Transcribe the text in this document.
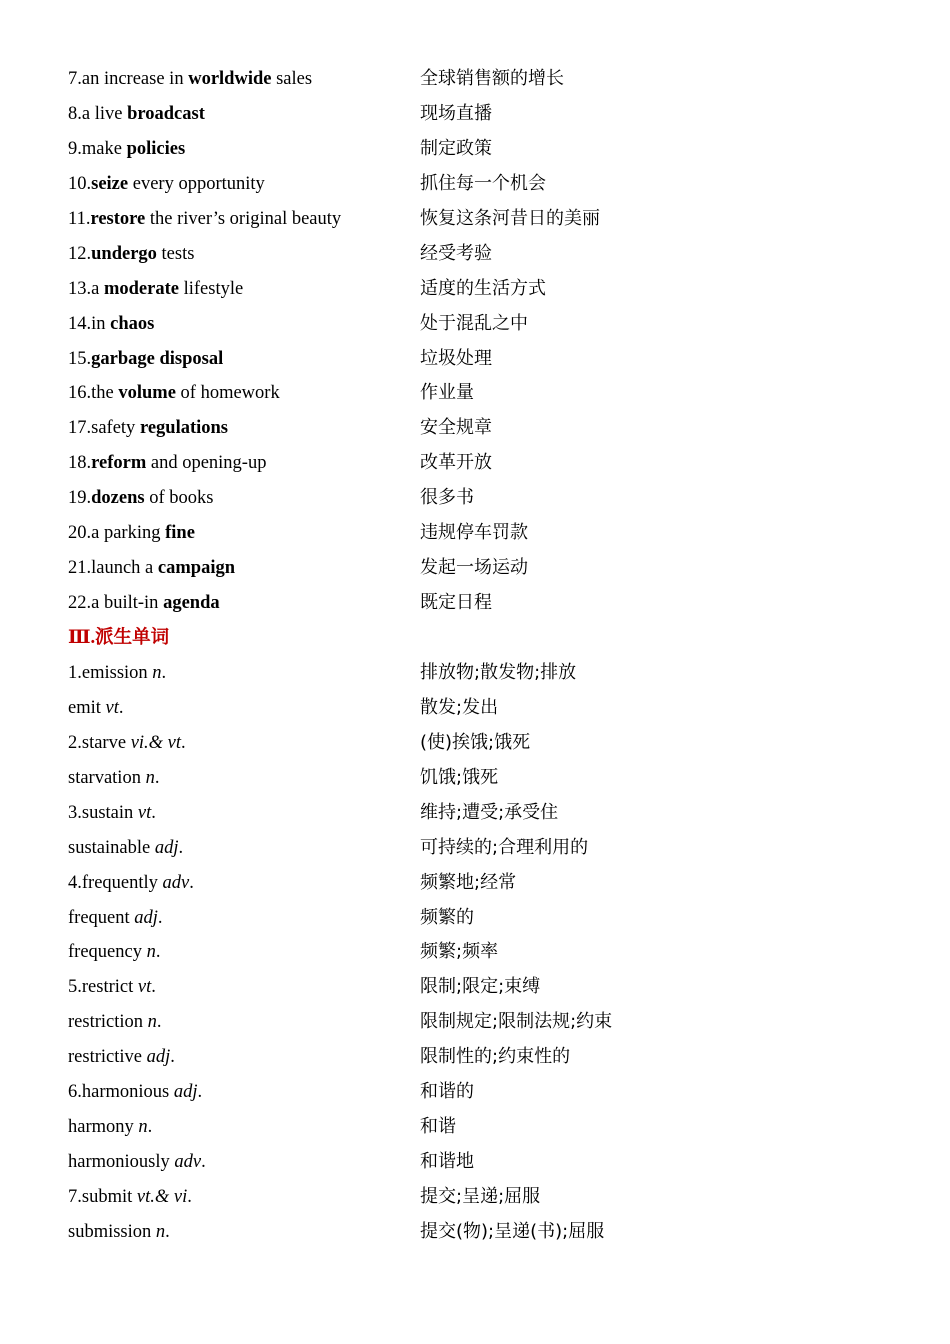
7.an increase in worldwide sales	全球销售额的增长
8.a live broadcast	现场直播
9.make policies	制定政策
10.seize every opportunity	抓住每一个机会
11.restore the river’s original beauty	恢复这条河昔日的美丽
12.undergo tests	经受考验
13.a moderate lifestyle	适度的生活方式
14.in chaos	处于混乱之中
15.garbage disposal	垃圾处理
16.the volume of homework	作业量
17.safety regulations	安全规章
18.reform and opening-up	改革开放
19.dozens of books	很多书
20.a parking fine	违规停车罚款
21.launch a campaign	发起一场运动
22.a built-in agenda	既定日程
Ⅲ.派生单词
1.emission n.	排放物;散发物;排放
emit vt.	散发;发出
2.starve vi.& vt.	(使)挨饿;饿死
starvation n.	饥饿;饿死
3.sustain vt.	维持;遭受;承受住
sustainable adj.	可持续的;合理利用的
4.frequently adv.	频繁地;经常
frequent adj.	频繁的
frequency n.	频繁;频率
5.restrict vt.	限制;限定;束缚
restriction n.	限制规定;限制法规;约束
restrictive adj.	限制性的;约束性的
6.harmonious adj.	和谐的
harmony n.	和谐
harmoniously adv.	和谐地
7.submit vt.& vi.	提交;呈递;屈服
submission n.	提交(物);呈递(书);屈服
